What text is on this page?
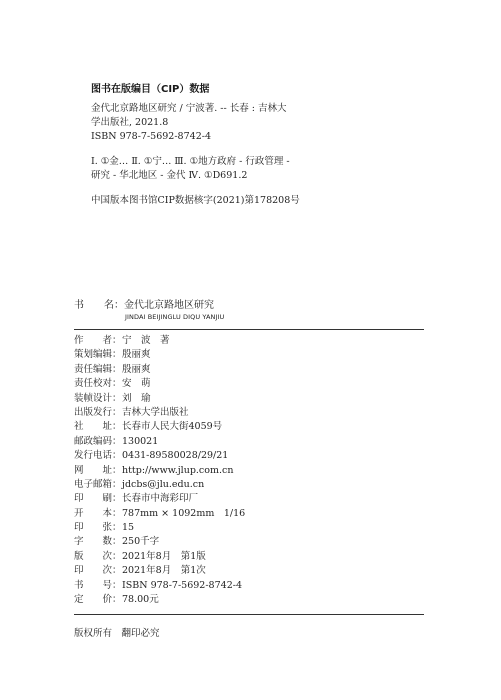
图书在版编目（CIP）数据
金代北京路地区研究 / 宁波著. -- 长春 : 吉林大
学出版社, 2021.8
ISBN 978-7-5692-8742-4
Ⅰ. ①金… Ⅱ. ①宁… Ⅲ. ①地方政府 - 行政管理 -
研究 - 华北地区 - 金代 Ⅳ. ①D691.2
中国版本图书馆CIP数据核字(2021)第178208号
书　　名： 金代北京路地区研究
JINDAI BEIJINGLU DIQU YANJIU
作　　者： 宁　波　著
策划编辑： 殷丽爽
责任编辑： 殷丽爽
责任校对： 安　萌
装帧设计： 刘　瑜
出版发行： 吉林大学出版社
社　　址： 长春市人民大街4059号
邮政编码： 130021
发行电话： 0431-89580028/29/21
网　　址： http://www.jlup.com.cn
电子邮箱： jdcbs@jlu.edu.cn
印　　刷： 长春市中海彩印厂
开　　本： 787mm × 1092mm　1/16
印　　张： 15
字　　数： 250千字
版　　次： 2021年8月　第1版
印　　次： 2021年8月　第1次
书　　号： ISBN 978-7-5692-8742-4
定　　价： 78.00元
版权所有　翻印必究
